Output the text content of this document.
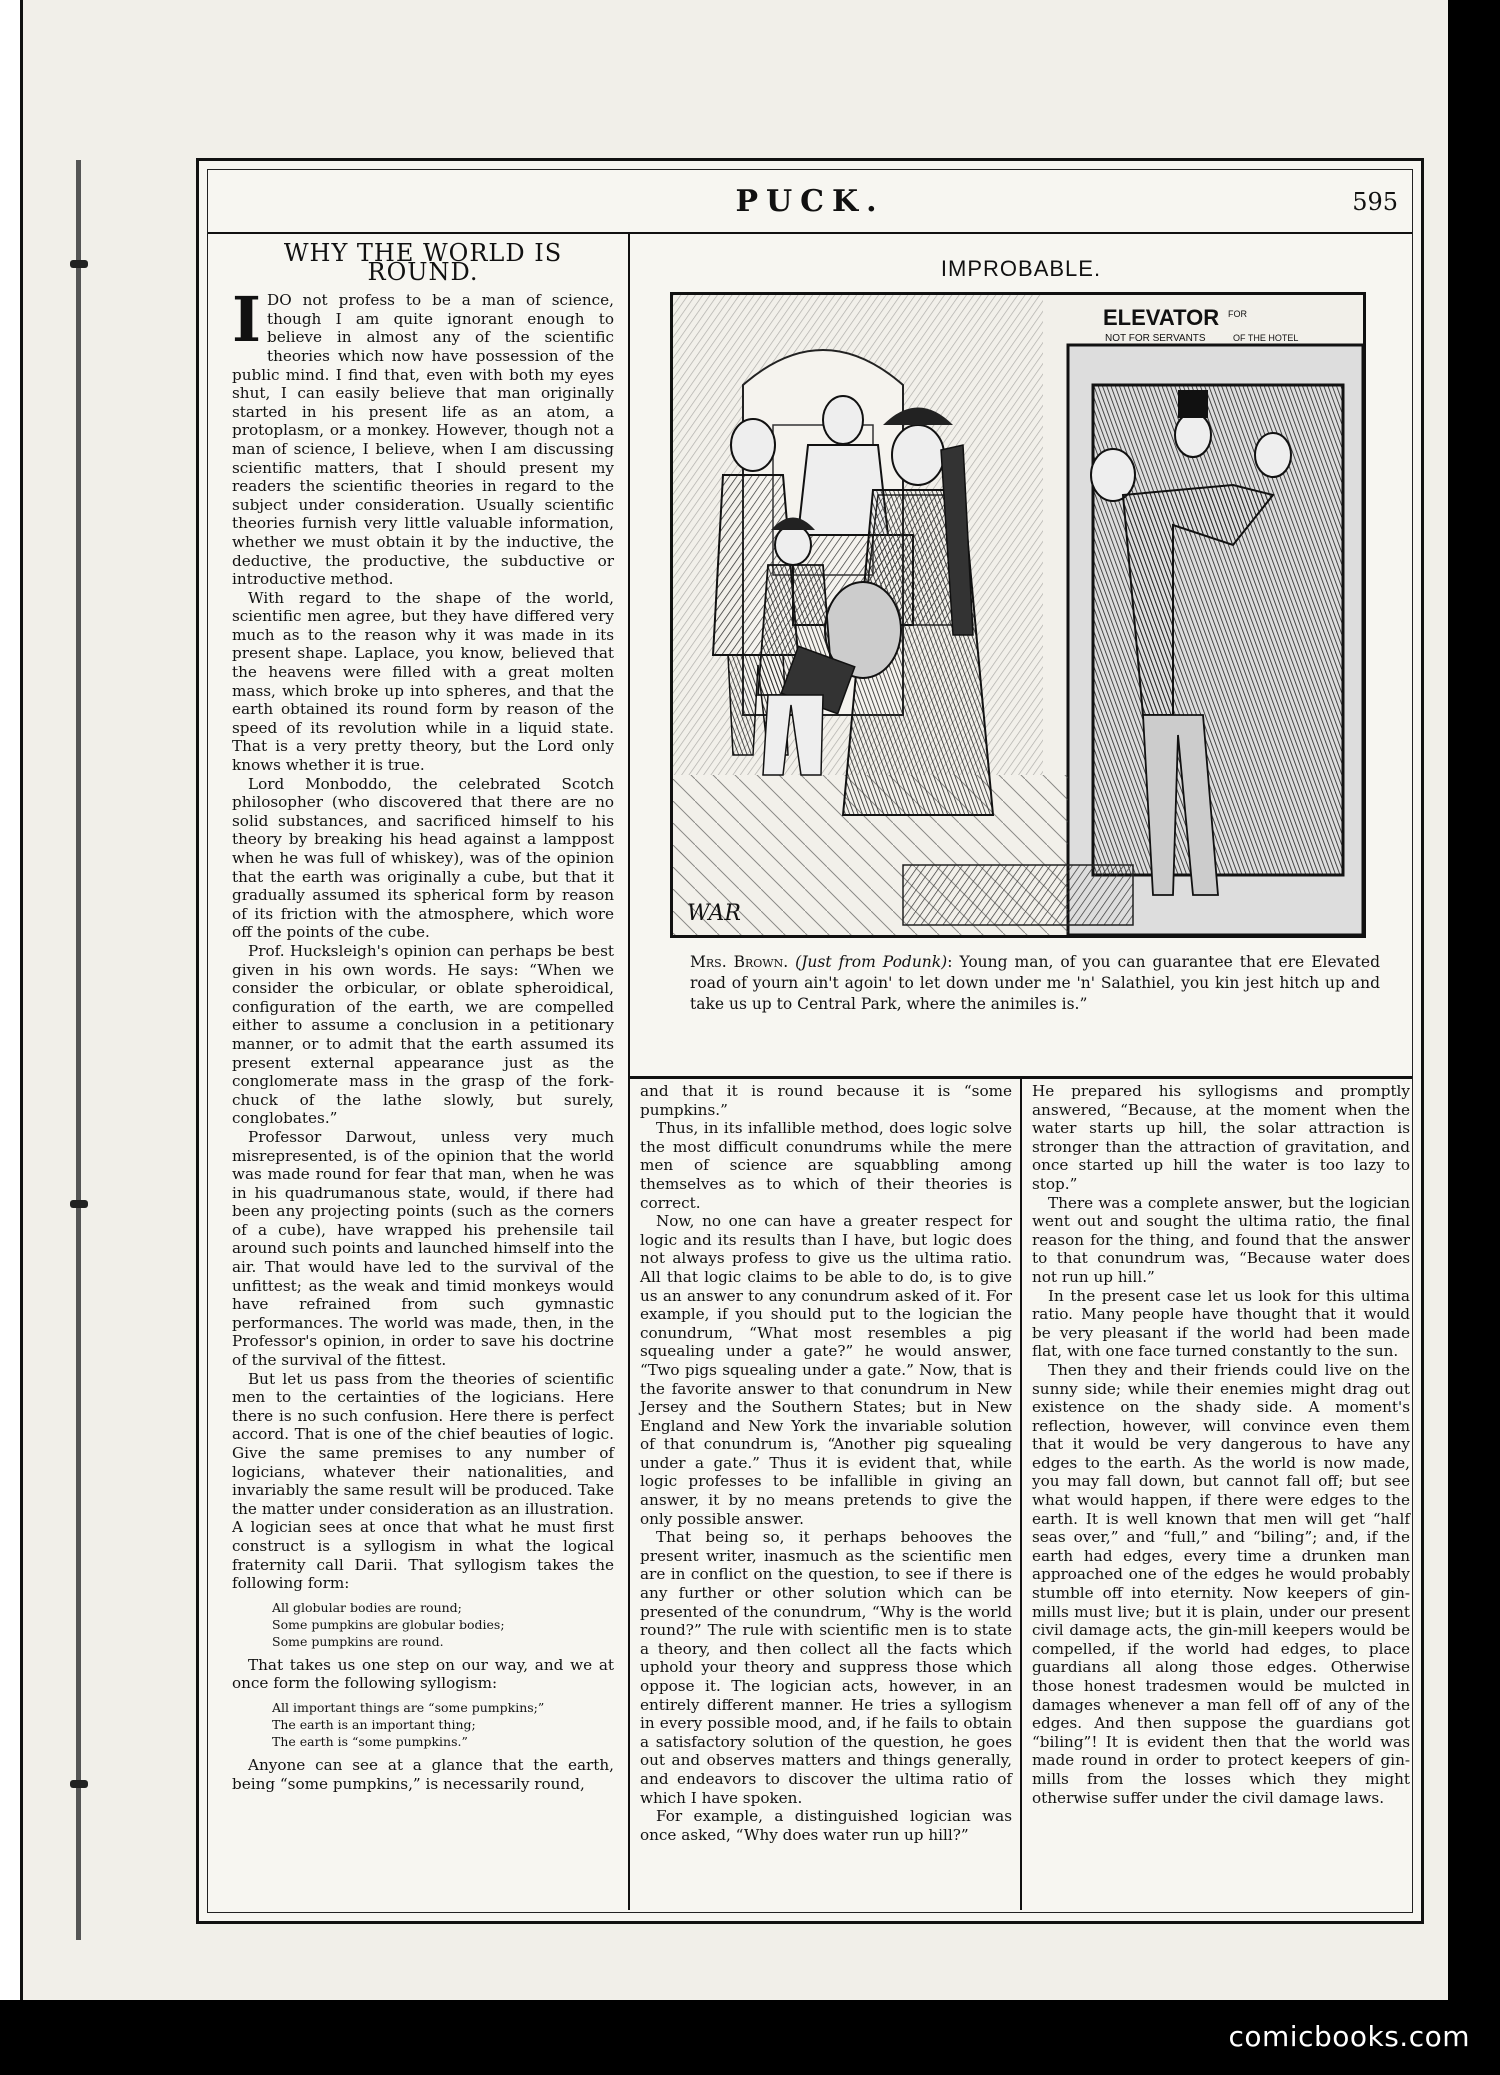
PUCK.	595
WHY THE WORLD IS ROUND.

IDO not profess to be a man of science, though I am quite ignorant enough to believe in almost any of the scientific theories which now have possession of the public mind. I find that, even with both my eyes shut, I can easily believe that man originally started in his present life as an atom, a protoplasm, or a monkey. However, though not a man of science, I believe, when I am discussing scientific matters, that I should present my readers the scientific theories in regard to the subject under consideration. Usually scientific theories furnish very little valuable information, whether we must obtain it by the inductive, the deductive, the productive, the subductive or introductive method.

With regard to the shape of the world, scientific men agree, but they have differed very much as to the reason why it was made in its present shape. Laplace, you know, believed that the heavens were filled with a great molten mass, which broke up into spheres, and that the earth obtained its round form by reason of the speed of its revolution while in a liquid state. That is a very pretty theory, but the Lord only knows whether it is true.

Lord Monboddo, the celebrated Scotch philosopher (who discovered that there are no solid substances, and sacrificed himself to his theory by breaking his head against a lamppost when he was full of whiskey), was of the opinion that the earth was originally a cube, but that it gradually assumed its spherical form by reason of its friction with the atmosphere, which wore off the points of the cube.

Prof. Hucksleigh's opinion can perhaps be best given in his own words. He says: “When we consider the orbicular, or oblate spheroidical, configuration of the earth, we are compelled either to assume a conclusion in a petitionary manner, or to admit that the earth assumed its present external appearance just as the conglomerate mass in the grasp of the fork-chuck of the lathe slowly, but surely, conglobates.”

Professor Darwout, unless very much misrepresented, is of the opinion that the world was made round for fear that man, when he was in his quadrumanous state, would, if there had been any projecting points (such as the corners of a cube), have wrapped his prehensile tail around such points and launched himself into the air. That would have led to the survival of the unfittest; as the weak and timid monkeys would have refrained from such gymnastic performances. The world was made, then, in the Professor's opinion, in order to save his doctrine of the survival of the fittest.

But let us pass from the theories of scientific men to the certainties of the logicians. Here there is no such confusion. Here there is perfect accord. That is one of the chief beauties of logic. Give the same premises to any number of logicians, whatever their nationalities, and invariably the same result will be produced. Take the matter under consideration as an illustration. A logician sees at once that what he must first construct is a syllogism in what the logical fraternity call Darii. That syllogism takes the following form:

All globular bodies are round;
Some pumpkins are globular bodies;
Some pumpkins are round.

That takes us one step on our way, and we at once form the following syllogism:

All important things are “some pumpkins;”
The earth is an important thing;
The earth is “some pumpkins.”

Anyone can see at a glance that the earth, being “some pumpkins,” is necessarily round,

IMPROBABLE.
ELEVATOR
NOT FOR SERVANTS
FOR
OF THE HOTEL
WAR
Mrs. Brown. (Just from Podunk): Young man, of you can guarantee that ere Elevated road of yourn ain't agoin' to let down under me 'n' Salathiel, you kin jest hitch up and take us up to Central Park, where the animiles is.”

and that it is round because it is “some pumpkins.”

Thus, in its infallible method, does logic solve the most difficult conundrums while the mere men of science are squabbling among themselves as to which of their theories is correct.

Now, no one can have a greater respect for logic and its results than I have, but logic does not always profess to give us the ultima ratio. All that logic claims to be able to do, is to give us an answer to any conundrum asked of it. For example, if you should put to the logician the conundrum, “What most resembles a pig squealing under a gate?” he would answer, “Two pigs squealing under a gate.” Now, that is the favorite answer to that conundrum in New Jersey and the Southern States; but in New England and New York the invariable solution of that conundrum is, “Another pig squealing under a gate.” Thus it is evident that, while logic professes to be infallible in giving an answer, it by no means pretends to give the only possible answer.

That being so, it perhaps behooves the present writer, inasmuch as the scientific men are in conflict on the question, to see if there is any further or other solution which can be presented of the conundrum, “Why is the world round?” The rule with scientific men is to state a theory, and then collect all the facts which uphold your theory and suppress those which oppose it. The logician acts, however, in an entirely different manner. He tries a syllogism in every possible mood, and, if he fails to obtain a satisfactory solution of the question, he goes out and observes matters and things generally, and endeavors to discover the ultima ratio of which I have spoken.

For example, a distinguished logician was once asked, “Why does water run up hill?”

He prepared his syllogisms and promptly answered, “Because, at the moment when the water starts up hill, the solar attraction is stronger than the attraction of gravitation, and once started up hill the water is too lazy to stop.”

There was a complete answer, but the logician went out and sought the ultima ratio, the final reason for the thing, and found that the answer to that conundrum was, “Because water does not run up hill.”

In the present case let us look for this ultima ratio. Many people have thought that it would be very pleasant if the world had been made flat, with one face turned constantly to the sun.

Then they and their friends could live on the sunny side; while their enemies might drag out existence on the shady side. A moment's reflection, however, will convince even them that it would be very dangerous to have any edges to the earth. As the world is now made, you may fall down, but cannot fall off; but see what would happen, if there were edges to the earth. It is well known that men will get “half seas over,” and “full,” and “biling”; and, if the earth had edges, every time a drunken man approached one of the edges he would probably stumble off into eternity. Now keepers of gin-mills must live; but it is plain, under our present civil damage acts, the gin-mill keepers would be compelled, if the world had edges, to place guardians all along those edges. Otherwise those honest tradesmen would be mulcted in damages whenever a man fell off of any of the edges. And then suppose the guardians got “biling”! It is evident then that the world was made round in order to protect keepers of gin-mills from the losses which they might otherwise suffer under the civil damage laws.

comicbooks.com
